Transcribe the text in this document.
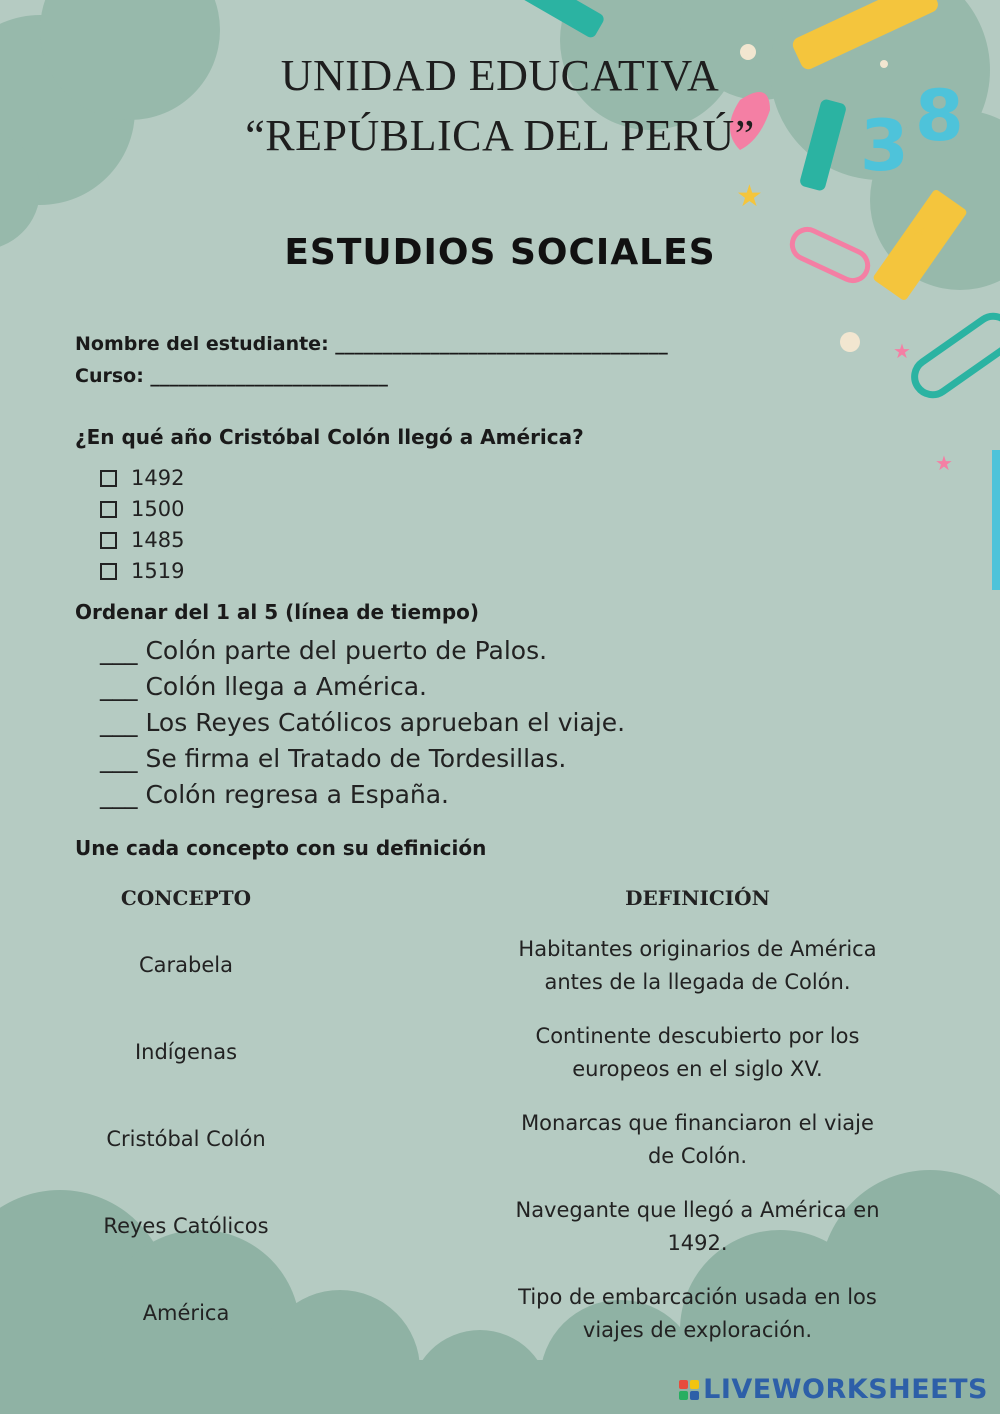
3 8
★
★
★
★
UNIDAD EDUCATIVA
“REPÚBLICA DEL PERÚ”
ESTUDIOS SOCIALES
Nombre del estudiante: ___________________________________
Curso: _________________________
¿En qué año Cristóbal Colón llegó a América?
1492
1500
1485
1519
Ordenar del 1 al 5 (línea de tiempo)
___ Colón parte del puerto de Palos.
___ Colón llega a América.
___ Los Reyes Católicos aprueban el viaje.
___ Se firma el Tratado de Tordesillas.
___ Colón regresa a España.
Une cada concepto con su definición
CONCEPTO	DEFINICIÓN
Carabela
Indígenas
Cristóbal Colón
Reyes Católicos
América
Habitantes originarios de América
antes de la llegada de Colón.
Continente descubierto por los
europeos en el siglo XV.
Monarcas que financiaron el viaje
de Colón.
Navegante que llegó a América en
1492.
Tipo de embarcación usada en los
viajes de exploración.
LIVEWORKSHEETS
